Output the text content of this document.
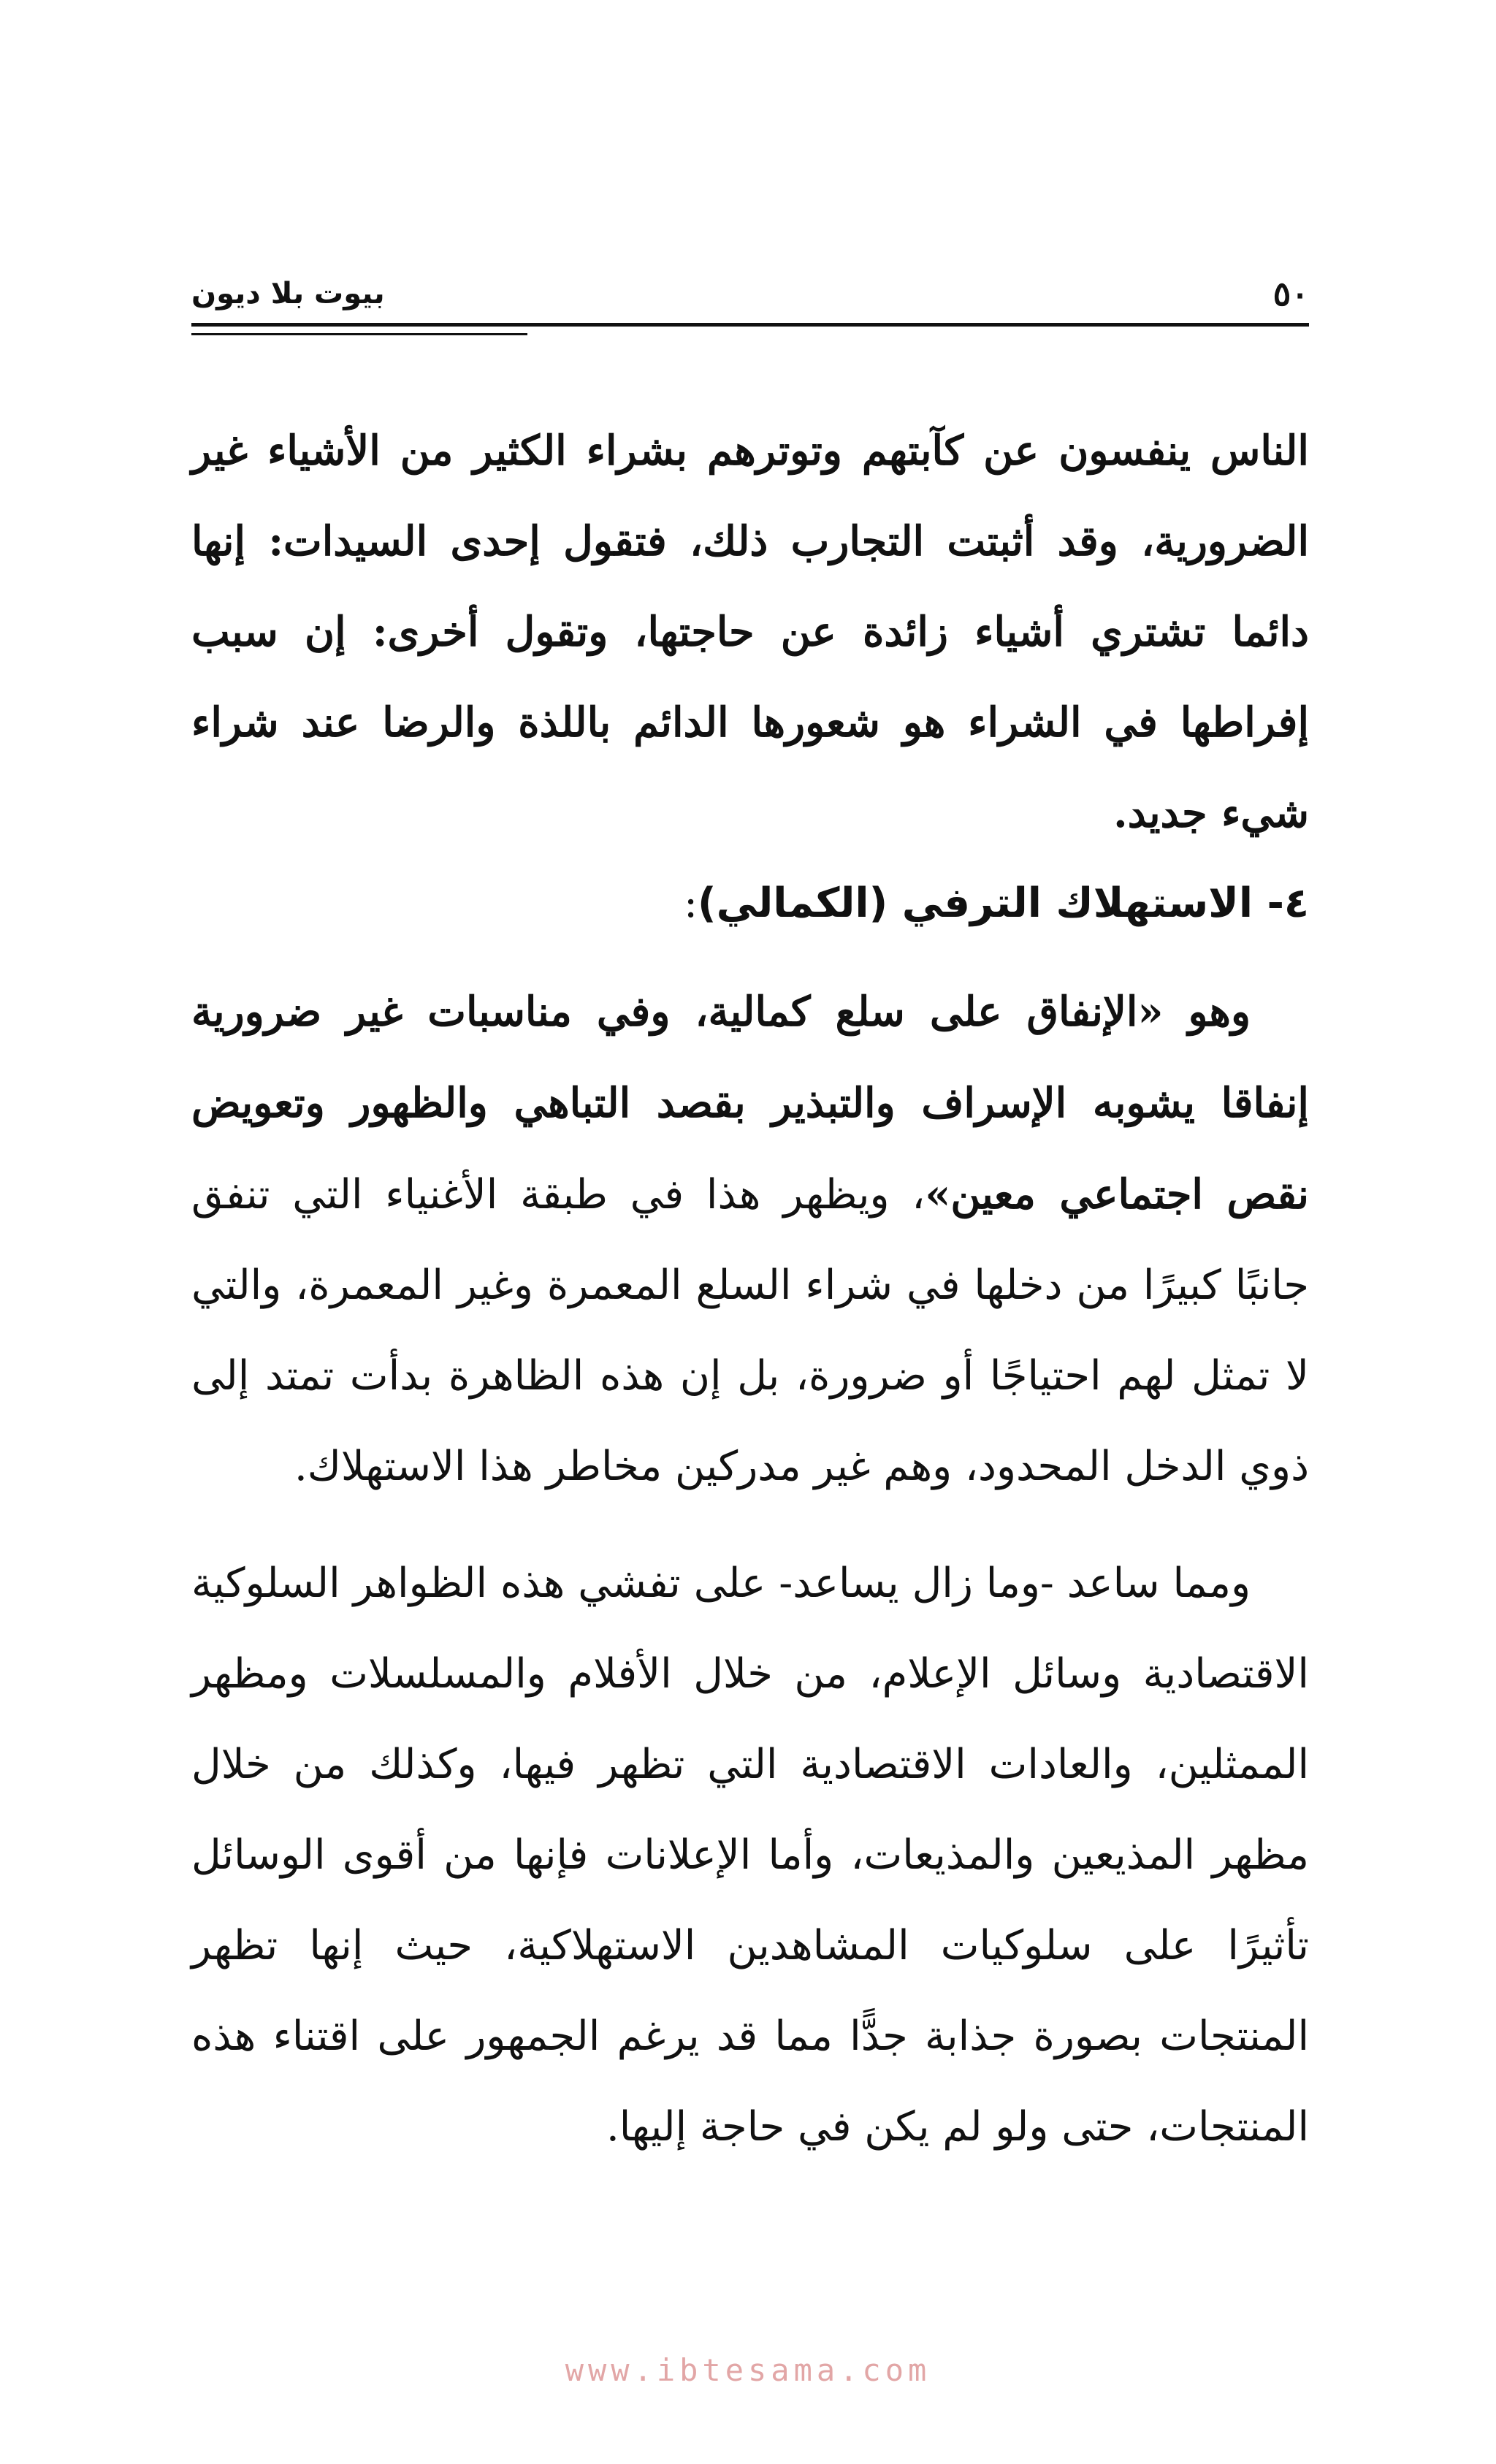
٥٠
بيوت بلا ديون

الناس ينفسون عن كآبتهم وتوترهم بشراء الكثير من الأشياء غير الضرورية، وقد أثبتت التجارب ذلك، فتقول إحدى السيدات: إنها دائما تشتري أشياء زائدة عن حاجتها، وتقول أخرى: إن سبب إفراطها في الشراء هو شعورها الدائم باللذة والرضا عند شراء شيء جديد.

٤- الاستهلاك الترفي (الكمالي):

وهو «الإنفاق على سلع كمالية، وفي مناسبات غير ضرورية إنفاقا يشوبه الإسراف والتبذير بقصد التباهي والظهور وتعويض نقص اجتماعي معين»، ويظهر هذا في طبقة الأغنياء التي تنفق جانبًا كبيرًا من دخلها في شراء السلع المعمرة وغير المعمرة، والتي لا تمثل لهم احتياجًا أو ضرورة، بل إن هذه الظاهرة بدأت تمتد إلى ذوي الدخل المحدود، وهم غير مدركين مخاطر هذا الاستهلاك.

ومما ساعد -وما زال يساعد- على تفشي هذه الظواهر السلوكية الاقتصادية وسائل الإعلام، من خلال الأفلام والمسلسلات ومظهر الممثلين، والعادات الاقتصادية التي تظهر فيها، وكذلك من خلال مظهر المذيعين والمذيعات، وأما الإعلانات فإنها من أقوى الوسائل تأثيرًا على سلوكيات المشاهدين الاستهلاكية، حيث إنها تظهر المنتجات بصورة جذابة جدًّا مما قد يرغم الجمهور على اقتناء هذه المنتجات، حتى ولو لم يكن في حاجة إليها.

www.ibtesama.com
